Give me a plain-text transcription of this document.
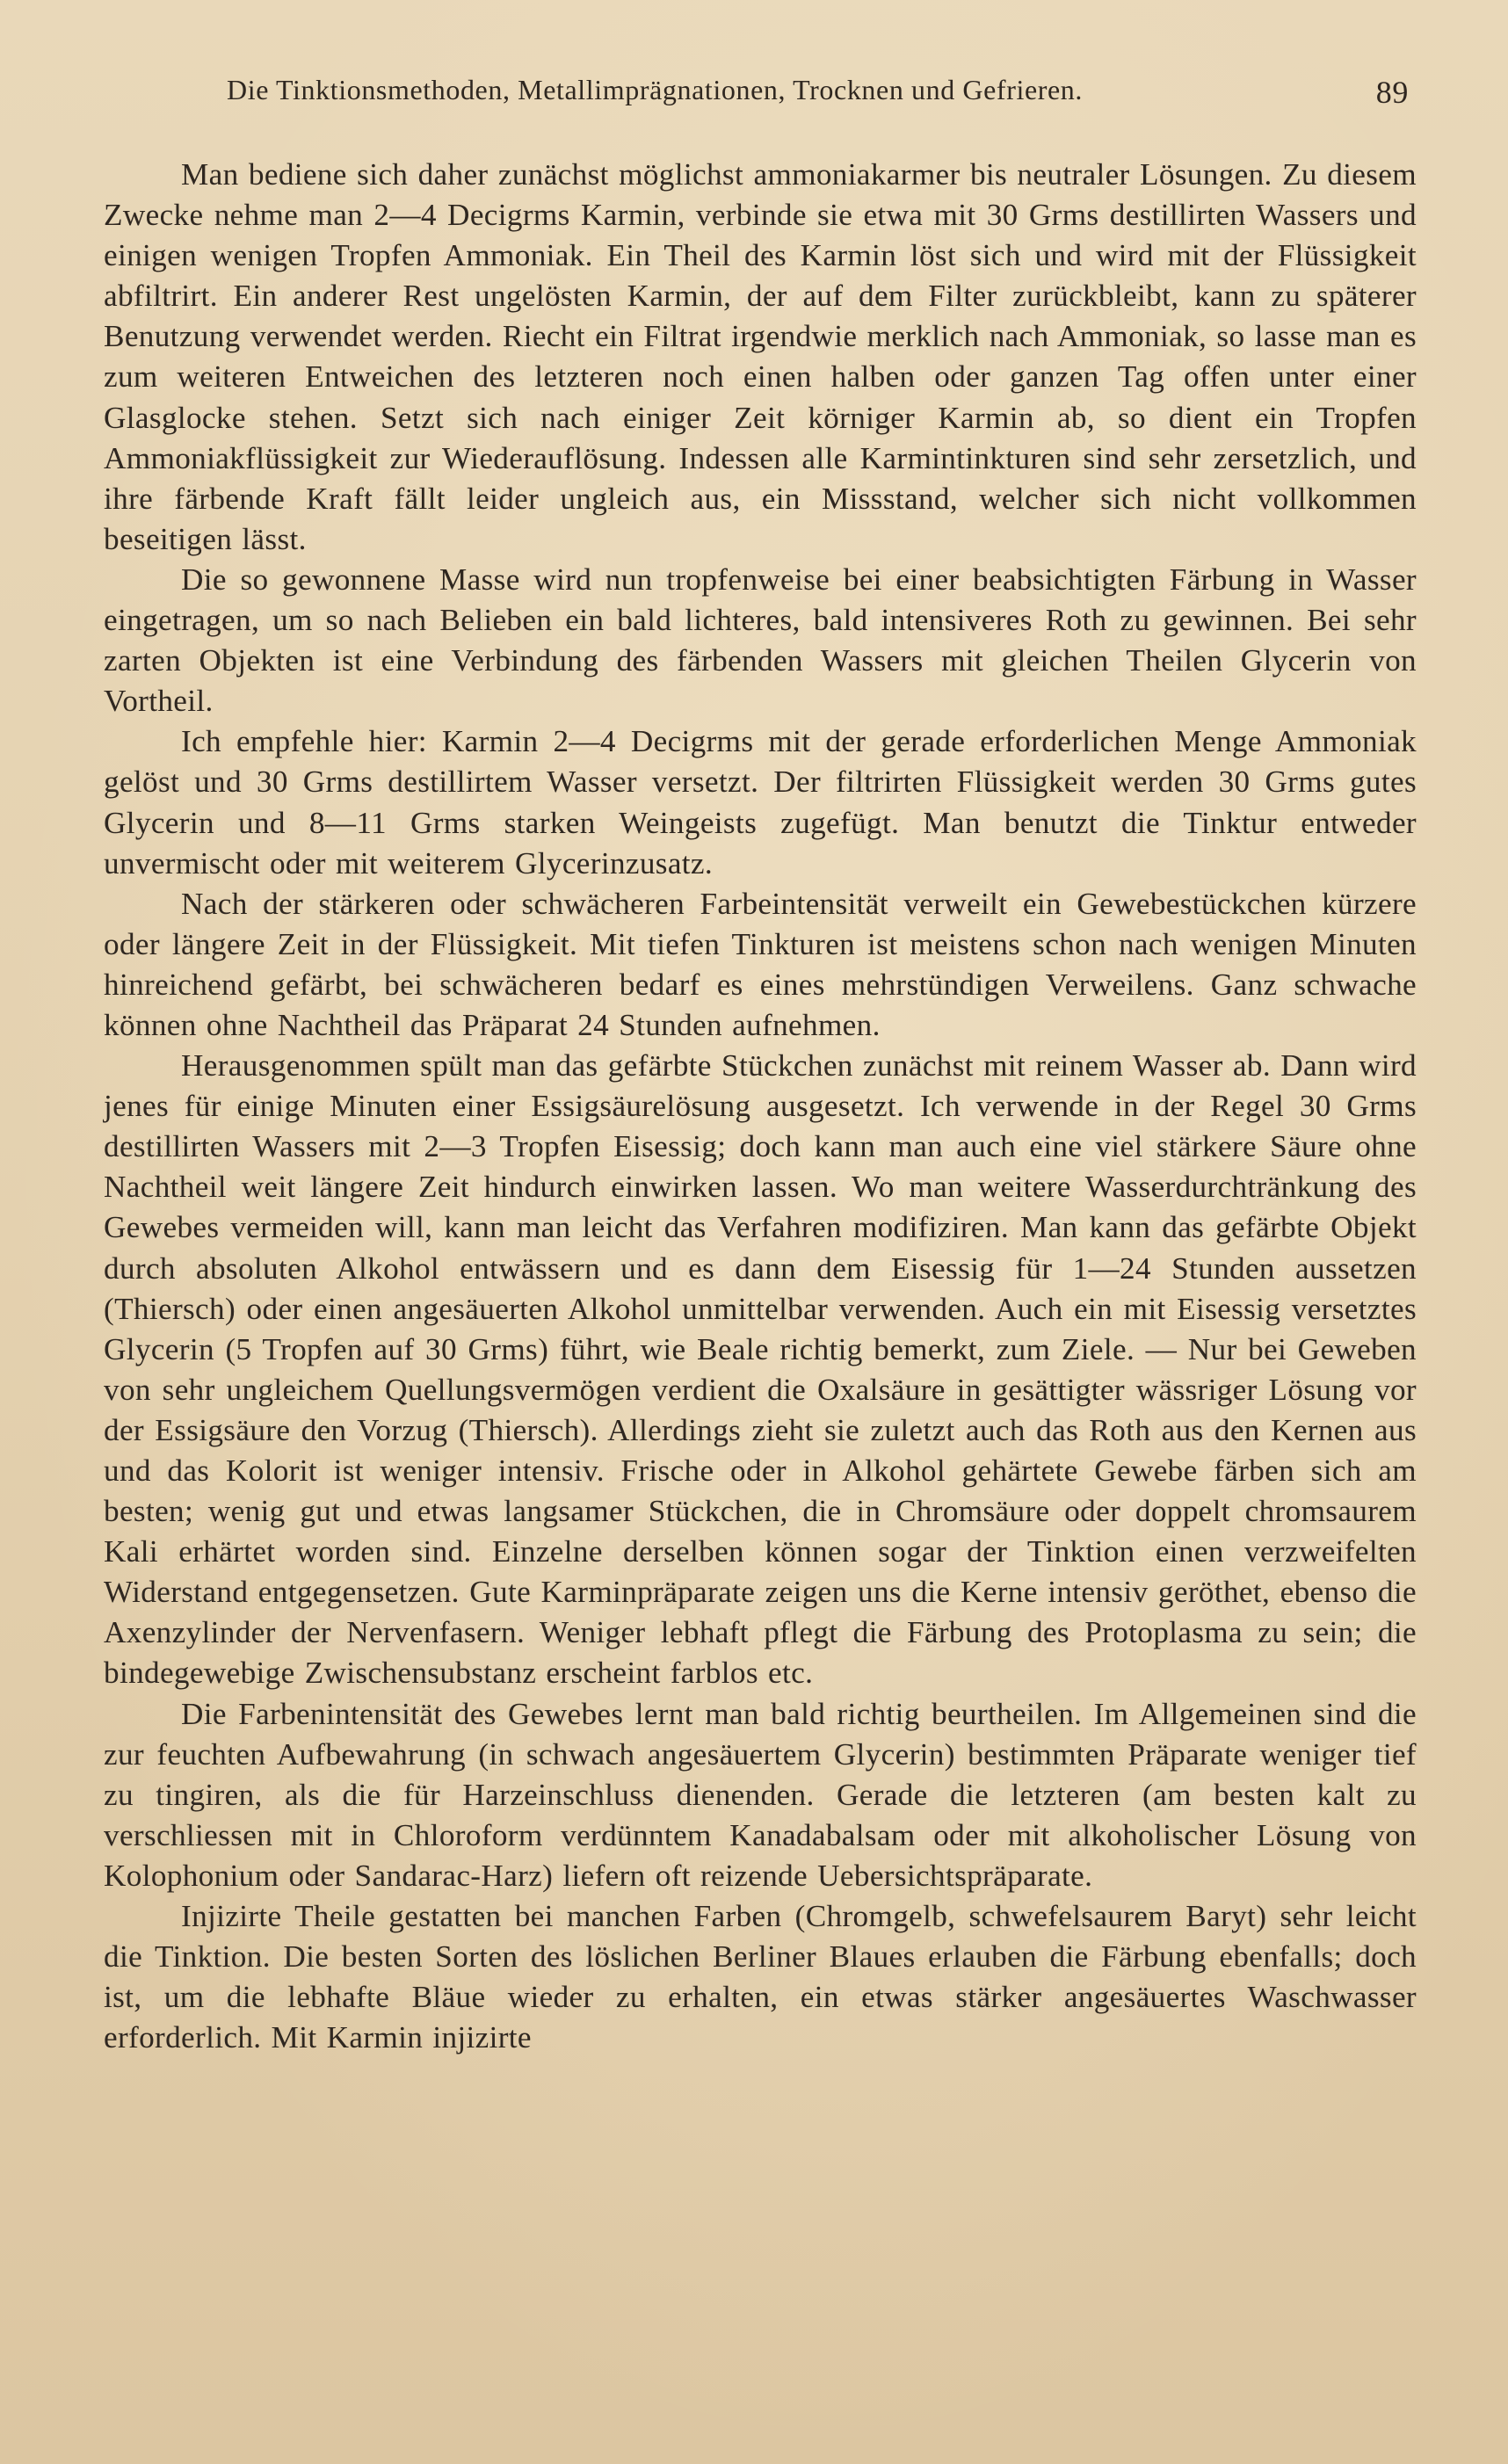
Die Tinktionsmethoden, Metallimprägnationen, Trocknen und Gefrieren.	89

Man bediene sich daher zunächst möglichst ammoniakarmer bis neutraler Lösungen. Zu diesem Zwecke nehme man 2—4 Decigrms Karmin, verbinde sie etwa mit 30 Grms destillirten Wassers und einigen wenigen Tropfen Ammoniak. Ein Theil des Karmin löst sich und wird mit der Flüssigkeit abfiltrirt. Ein anderer Rest ungelösten Karmin, der auf dem Filter zurückbleibt, kann zu späterer Benutzung verwendet werden. Riecht ein Filtrat irgendwie merklich nach Ammoniak, so lasse man es zum weiteren Entweichen des letzteren noch einen halben oder ganzen Tag offen unter einer Glasglocke stehen. Setzt sich nach einiger Zeit körniger Karmin ab, so dient ein Tropfen Ammoniakflüssigkeit zur Wiederauflösung. Indessen alle Karmintinkturen sind sehr zersetzlich, und ihre färbende Kraft fällt leider ungleich aus, ein Missstand, welcher sich nicht vollkommen beseitigen lässt.

Die so gewonnene Masse wird nun tropfenweise bei einer beabsichtigten Färbung in Wasser eingetragen, um so nach Belieben ein bald lichteres, bald intensiveres Roth zu gewinnen. Bei sehr zarten Objekten ist eine Verbindung des färbenden Wassers mit gleichen Theilen Glycerin von Vortheil.

Ich empfehle hier: Karmin 2—4 Decigrms mit der gerade erforderlichen Menge Ammoniak gelöst und 30 Grms destillirtem Wasser versetzt. Der filtrirten Flüssigkeit werden 30 Grms gutes Glycerin und 8—11 Grms starken Weingeists zugefügt. Man benutzt die Tinktur entweder unvermischt oder mit weiterem Glycerinzusatz.

Nach der stärkeren oder schwächeren Farbeintensität verweilt ein Gewebestückchen kürzere oder längere Zeit in der Flüssigkeit. Mit tiefen Tinkturen ist meistens schon nach wenigen Minuten hinreichend gefärbt, bei schwächeren bedarf es eines mehrstündigen Verweilens. Ganz schwache können ohne Nachtheil das Präparat 24 Stunden aufnehmen.

Herausgenommen spült man das gefärbte Stückchen zunächst mit reinem Wasser ab. Dann wird jenes für einige Minuten einer Essigsäurelösung ausgesetzt. Ich verwende in der Regel 30 Grms destillirten Wassers mit 2—3 Tropfen Eisessig; doch kann man auch eine viel stärkere Säure ohne Nachtheil weit längere Zeit hindurch einwirken lassen. Wo man weitere Wasserdurchtränkung des Gewebes vermeiden will, kann man leicht das Verfahren modifiziren. Man kann das gefärbte Objekt durch absoluten Alkohol entwässern und es dann dem Eisessig für 1—24 Stunden aussetzen (Thiersch) oder einen angesäuerten Alkohol unmittelbar verwenden. Auch ein mit Eisessig versetztes Glycerin (5 Tropfen auf 30 Grms) führt, wie Beale richtig bemerkt, zum Ziele. — Nur bei Geweben von sehr ungleichem Quellungsvermögen verdient die Oxalsäure in gesättigter wässriger Lösung vor der Essigsäure den Vorzug (Thiersch). Allerdings zieht sie zuletzt auch das Roth aus den Kernen aus und das Kolorit ist weniger intensiv. Frische oder in Alkohol gehärtete Gewebe färben sich am besten; wenig gut und etwas langsamer Stückchen, die in Chromsäure oder doppelt chromsaurem Kali erhärtet worden sind. Einzelne derselben können sogar der Tinktion einen verzweifelten Widerstand entgegensetzen. Gute Karminpräparate zeigen uns die Kerne intensiv geröthet, ebenso die Axenzylinder der Nervenfasern. Weniger lebhaft pflegt die Färbung des Protoplasma zu sein; die bindegewebige Zwischensubstanz erscheint farblos etc.

Die Farbenintensität des Gewebes lernt man bald richtig beurtheilen. Im Allgemeinen sind die zur feuchten Aufbewahrung (in schwach angesäuertem Glycerin) bestimmten Präparate weniger tief zu tingiren, als die für Harzeinschluss dienenden. Gerade die letzteren (am besten kalt zu verschliessen mit in Chloroform verdünntem Kanadabalsam oder mit alkoholischer Lösung von Kolophonium oder Sandarac-Harz) liefern oft reizende Uebersichtspräparate.

Injizirte Theile gestatten bei manchen Farben (Chromgelb, schwefelsaurem Baryt) sehr leicht die Tinktion. Die besten Sorten des löslichen Berliner Blaues erlauben die Färbung ebenfalls; doch ist, um die lebhafte Bläue wieder zu erhalten, ein etwas stärker angesäuertes Waschwasser erforderlich. Mit Karmin injizirte
